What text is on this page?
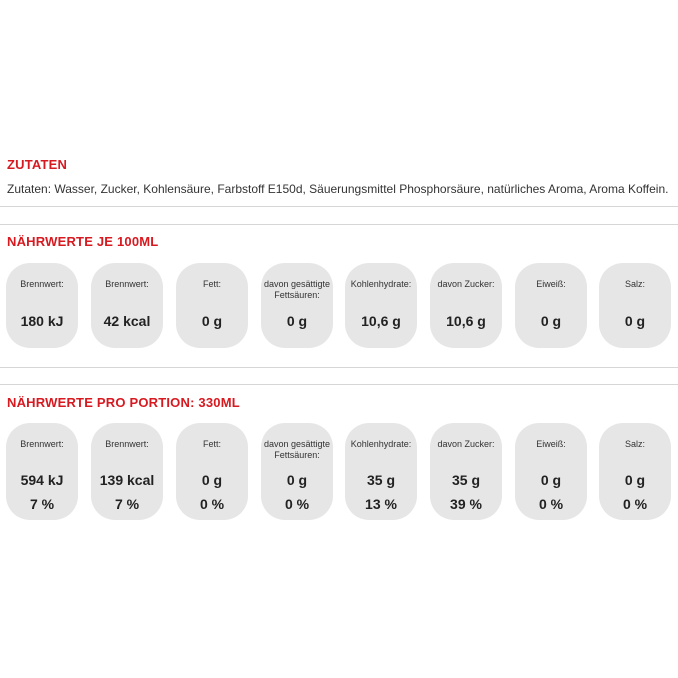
ZUTATEN

Zutaten: Wasser, Zucker, Kohlensäure, Farbstoff E150d, Säuerungsmittel Phosphorsäure, natürliches Aroma, Aroma Koffein.

NÄHRWERTE JE 100ML
Brennwert:
180 kJ
Brennwert:
42 kcal
Fett:
0 g
davon gesättigte Fettsäuren:
0 g
Kohlenhydrate:
10,6 g
davon Zucker:
10,6 g
Eiweiß:
0 g
Salz:
0 g
NÄHRWERTE PRO PORTION: 330ML
Brennwert:
594 kJ
7 %
Brennwert:
139 kcal
7 %
Fett:
0 g
0 %
davon gesättigte Fettsäuren:
0 g
0 %
Kohlenhydrate:
35 g
13 %
davon Zucker:
35 g
39 %
Eiweiß:
0 g
0 %
Salz:
0 g
0 %
